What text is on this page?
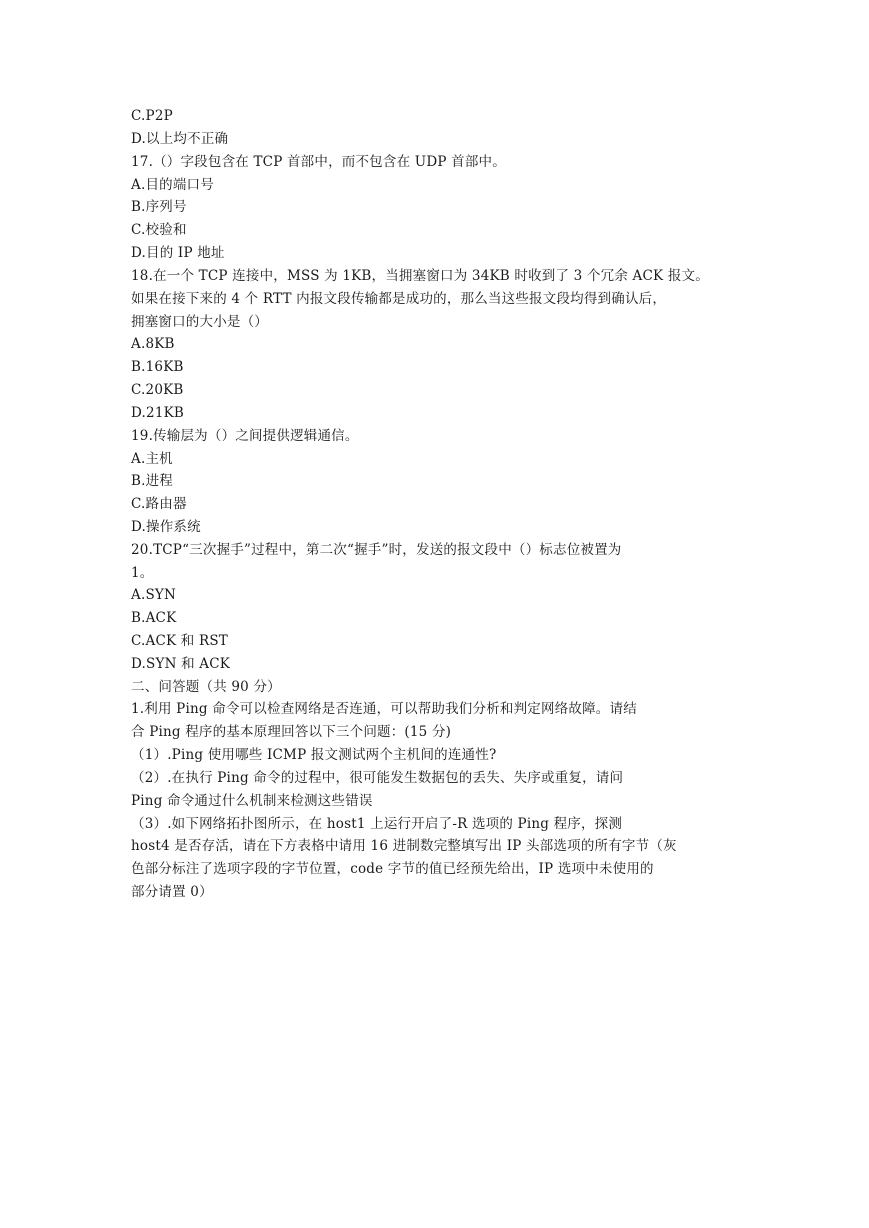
C.P2P
D.以上均不正确
17.（）字段包含在 TCP 首部中，而不包含在 UDP 首部中。
A.目的端口号
B.序列号
C.校验和
D.目的 IP 地址
18.在一个 TCP 连接中，MSS 为 1KB，当拥塞窗口为 34KB 时收到了 3 个冗余 ACK 报文。
如果在接下来的 4 个 RTT 内报文段传输都是成功的，那么当这些报文段均得到确认后，
拥塞窗口的大小是（）
A.8KB
B.16KB
C.20KB
D.21KB
19.传输层为（）之间提供逻辑通信。
A.主机
B.进程
C.路由器
D.操作系统
20.TCP“三次握手”过程中，第二次“握手”时，发送的报文段中（）标志位被置为
1。
A.SYN
B.ACK
C.ACK 和 RST
D.SYN 和 ACK
二、问答题（共 90 分）
1.利用 Ping 命令可以检查网络是否连通，可以帮助我们分析和判定网络故障。请结
合 Ping 程序的基本原理回答以下三个问题：(15 分)
（1）.Ping 使用哪些 ICMP 报文测试两个主机间的连通性?
（2）.在执行 Ping 命令的过程中，很可能发生数据包的丢失、失序或重复，请问
Ping 命令通过什么机制来检测这些错误
（3）.如下网络拓扑图所示，在 host1 上运行开启了-R 选项的 Ping 程序，探测
host4 是否存活，请在下方表格中请用 16 进制数完整填写出 IP 头部选项的所有字节（灰
色部分标注了选项字段的字节位置，code 字节的值已经预先给出，IP 选项中未使用的
部分请置 0）
